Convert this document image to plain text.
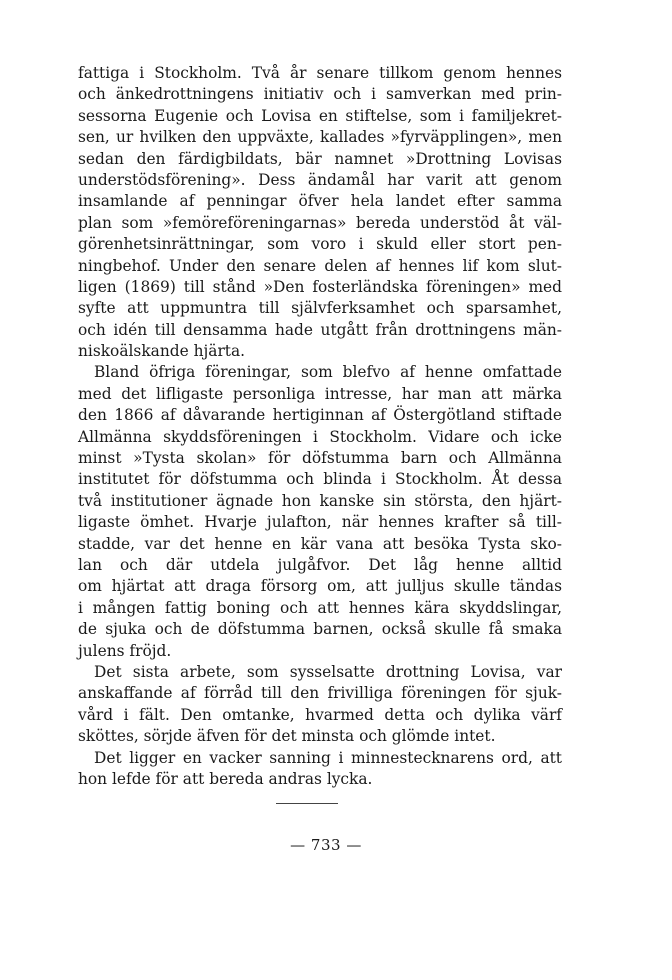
fattiga i Stockholm. Två år senare tillkom genom hennes
och änkedrottningens initiativ och i samverkan med prin-
sessorna Eugenie och Lovisa en stiftelse, som i familjekret-
sen, ur hvilken den uppväxte, kallades »fyrväpplingen», men
sedan den färdigbildats, bär namnet »Drottning Lovisas
understödsförening». Dess ändamål har varit att genom
insamlande af penningar öfver hela landet efter samma
plan som »femöreföreningarnas» bereda understöd åt väl-
görenhetsinrättningar, som voro i skuld eller stort pen-
ningbehof. Under den senare delen af hennes lif kom slut-
ligen (1869) till stånd »Den fosterländska föreningen» med
syfte att uppmuntra till självferksamhet och sparsamhet,
och idén till densamma hade utgått från drottningens män-
niskoälskande hjärta.
Bland öfriga föreningar, som blefvo af henne omfattade
med det lifligaste personliga intresse, har man att märka
den 1866 af dåvarande hertiginnan af Östergötland stiftade
Allmänna skyddsföreningen i Stockholm. Vidare och icke
minst »Tysta skolan» för döfstumma barn och Allmänna
institutet för döfstumma och blinda i Stockholm. Åt dessa
två institutioner ägnade hon kanske sin största, den hjärt-
ligaste ömhet. Hvarje julafton, när hennes krafter så till-
stadde, var det henne en kär vana att besöka Tysta sko-
lan och där utdela julgåfvor. Det låg henne alltid
om hjärtat att draga försorg om, att julljus skulle tändas
i mången fattig boning och att hennes kära skyddslingar,
de sjuka och de döfstumma barnen, också skulle få smaka
julens fröjd.
Det sista arbete, som sysselsatte drottning Lovisa, var
anskaffande af förråd till den frivilliga föreningen för sjuk-
vård i fält. Den omtanke, hvarmed detta och dylika värf
sköttes, sörjde äfven för det minsta och glömde intet.
Det ligger en vacker sanning i minnestecknarens ord, att
hon lefde för att bereda andras lycka.
— 733 —
